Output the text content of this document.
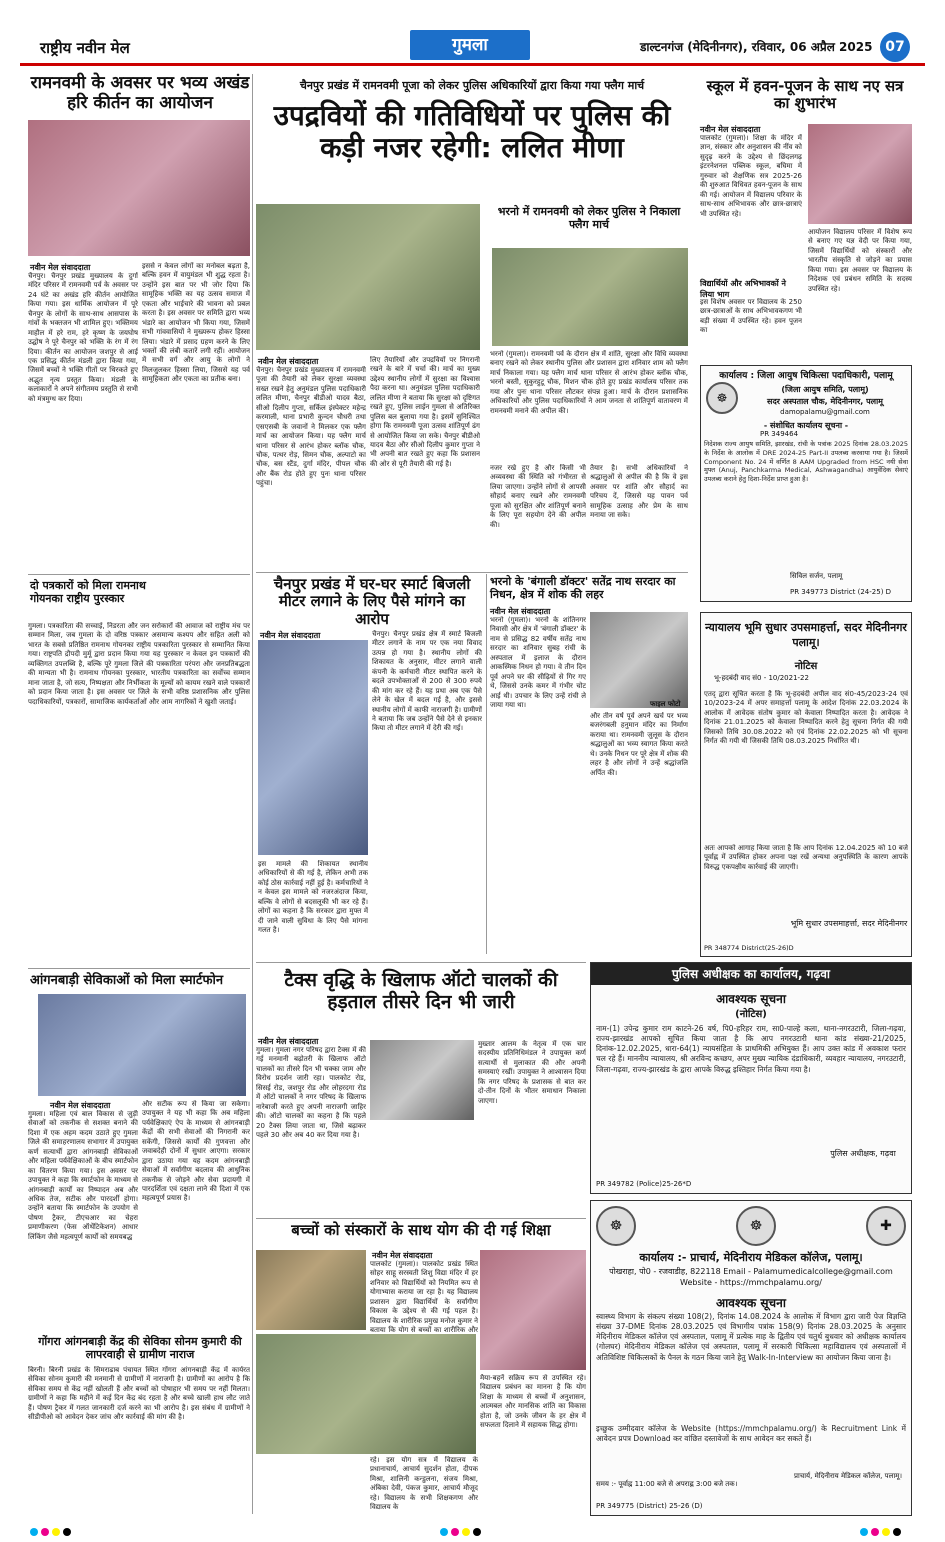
राष्ट्रीय नवीन मेल	गुमला	डाल्टनगंज (मेदिनीनगर), रविवार, 06 अप्रैल 2025 07
रामनवमी के अवसर पर भव्य अखंड हरि कीर्तन का आयोजन
नवीन मेल संवाददाता
चैनपुर। चैनपुर प्रखंड मुख्यालय के दुर्गा मंदिर परिसर में रामनवमी पर्व के अवसर पर 24 घंटे का अखंड हरि कीर्तन आयोजित किया गया। इस धार्मिक आयोजन में पूरे चैनपुर के लोगों के साथ-साथ आसपास के गांवों के भक्तजन भी शामिल हुए। भक्तिमय माहौल में हरे राम, हरे कृष्ण के जयघोष उद्घोष ने पूरे चैनपुर को भक्ति के रंग में रंग दिया। कीर्तन का आयोजन जशपुर से आई एक प्रसिद्ध कीर्तन मंडली द्वारा किया गया, जिसमें बच्चों ने भक्ति गीतों पर थिरकते हुए अद्भुत नृत्य प्रस्तुत किया। मंडली के कलाकारों ने अपने संगीतमय प्रस्तुति से सभी को मंत्रमुग्ध कर दिया।
इससे न केवल लोगों का मनोबल बढ़ता है, बल्कि हवन में वायुमंडल भी शुद्ध रहता है। उन्होंने इस बात पर भी जोर दिया कि सामूहिक भक्ति का यह उत्सव समाज में एकता और भाईचारे की भावना को प्रबल करता है। इस अवसर पर समिति द्वारा भव्य भंडारे का आयोजन भी किया गया, जिसमें सभी गांववासियों ने मुख्यरूप होकर हिस्सा लिया। भंडारे में प्रसाद ग्रहण करने के लिए भक्तों की लंबी कतारें लगी रहीं। आयोजन में सभी वर्ग और आयु के लोगों ने मिलजुलकर हिस्सा लिया, जिससे यह पर्व सामूहिकता और एकता का प्रतीक बना।
दो पत्रकारों को मिला रामनाथ गोयनका राष्ट्रीय पुरस्कार
गुमला। पत्रकारिता की सच्चाई, निडरता और जन सरोकारों की आवाज को राष्ट्रीय मंच पर सम्मान मिला, जब गुमला के दो वरिष्ठ पत्रकार असमान्य कश्यप और सहित अली को भारत के सबसे प्रतिष्ठित रामनाथ गोयनका राष्ट्रीय पत्रकारिता पुरस्कार से सम्मानित किया गया। राष्ट्रपति द्रौपदी मुर्मू द्वारा प्रदान किया गया यह पुरस्कार न केवल इन पत्रकारों की व्यक्तिगत उपलब्धि है, बल्कि पूरे गुमला जिले की पत्रकारिता परंपरा और जनप्रतिबद्धता की मान्यता भी है। रामनाथ गोयनका पुरस्कार, भारतीय पत्रकारिता का सर्वोच्च सम्मान माना जाता है, जो सत्य, निष्पक्षता और निर्भीकता के मूल्यों को कायम रखने वाले पत्रकारों को प्रदान किया जाता है। इस अवसर पर जिले के सभी वरिष्ठ प्रशासनिक और पुलिस पदाधिकारियों, पत्रकारों, सामाजिक कार्यकर्ताओं और आम नागरिकों ने खुशी जताई।
आंगनबाड़ी सेविकाओं को मिला स्मार्टफोन
नवीन मेल संवाददाता
गुमला। महिला एवं बाल विकास से जुड़ी सेवाओं को तकनीक से सशक्त बनाने की दिशा में एक अहम कदम उठाते हुए गुमला जिले की समाहरणालय सभागार में उपायुक्त कर्ण सत्यार्थी द्वारा आंगनबाड़ी सेविकाओं और महिला पर्यवेक्षिकाओं के बीच स्मार्टफोन का वितरण किया गया। इस अवसर पर उपायुक्त ने कहा कि स्मार्टफोन के माध्यम से आंगनबाड़ी कार्यों का निष्पादन अब और अधिक तेज, सटीक और पारदर्शी होगा। उन्होंने बताया कि स्मार्टफोन के उपयोग से पोषण ट्रैकर, टीएचआर का चेहरा प्रमाणीकरण (फेस ऑथेंटिकेशन) आधार लिंकिंग जैसे महत्वपूर्ण कार्यों को समयबद्ध
और सटीक रूप से किया जा सकेगा। उपायुक्त ने यह भी कहा कि अब महिला पर्यवेक्षिकाएं ऐप के माध्यम से आंगनबाड़ी केंद्रों की सभी सेवाओं की निगरानी कर सकेंगी, जिससे कार्यों की गुणवत्ता और जवाबदेही दोनों में सुधार आएगा। सरकार द्वारा उठाया गया यह कदम आंगनबाड़ी सेवाओं में सर्वांगीण बदलाव की आधुनिक तकनीक से जोड़ने और सेवा प्रदायगी में पारदर्शिता एवं दक्षता लाने की दिशा में एक महत्वपूर्ण प्रयास है।
गोंगरा आंगनबाड़ी केंद्र की सेविका सोनम कुमारी की लापरवाही से ग्रामीण नाराज
बिरनी। बिरनी प्रखंड के सिमराढाब पंचायत स्थित गोंगरा आंगनबाड़ी केंद्र में कार्यरत सेविका सोनम कुमारी की मनमानी से ग्रामीणों में नाराजगी है। ग्रामीणों का आरोप है कि सेविका समय से केंद्र नहीं खोलती हैं और बच्चों को पोषाहार भी समय पर नहीं मिलता। ग्रामीणों ने कहा कि महीने में कई दिन केंद्र बंद रहता है और बच्चे खाली हाथ लौट जाते हैं। पोषण ट्रैकर में गलत जानकारी दर्ज करने का भी आरोप है। इस संबंध में ग्रामीणों ने सीडीपीओ को आवेदन देकर जांच और कार्रवाई की मांग की है।
चैनपुर प्रखंड में रामनवमी पूजा को लेकर पुलिस अधिकारियों द्वारा किया गया फ्लैग मार्च
उपद्रवियों की गतिविधियों पर पुलिस की कड़ी नजर रहेगी: ललित मीणा
नवीन मेल संवाददाता
चैनपुर। चैनपुर प्रखंड मुख्यालय में रामनवमी पूजा की तैयारी को लेकर सुरक्षा व्यवस्था सख्त रखने हेतु अनुमंडल पुलिस पदाधिकारी ललित मीणा, चैनपुर बीडीओ यादव बैठा, सीओ दिलीप गुप्ता, सर्किल इंस्पेक्टर महेन्द्र करमाली, थाना प्रभारी कुन्दन चौधरी तथा एसएसबी के जवानों ने मिलकर एक फ्लैग मार्च का आयोजन किया। यह फ्लैग मार्च थाना परिसर से आरंभ होकर ब्लॉक चौक, चौक, पत्थर रोड़, सिमन चौक, अल्पाटो का चौक, बस स्टैंड, दुर्गा मंदिर, पीपल चौक और बैंक रोड होते हुए पुनः थाना परिसर पहुंचा।
लिए तैयारियों और उपद्रवियों पर निगरानी रखने के बारे में चर्चा की। मार्च का मुख्य उद्देश्य स्थानीय लोगों में सुरक्षा का विश्वास पैदा करना था। अनुमंडल पुलिस पदाधिकारी ललित मीणा ने बताया कि सुरक्षा को दृष्टिगत रखते हुए, पुलिस लाईन गुमला से अतिरिक्त पुलिस बल बुलाया गया है। इसमें सुनिश्चित होगा कि रामनवमी पूजा उत्सव शांतिपूर्ण ढंग से आयोजित किया जा सके। चैनपुर बीडीओ यादव बैठा और सीओ दिलीप कुमार गुप्ता ने भी अपनी बात रखते हुए कहा कि प्रशासन की ओर से पूरी तैयारी की गई है।
भरनो में रामनवमी को लेकर पुलिस ने निकाला फ्लैग मार्च
भरनो (गुमला)। रामनवमी पर्व के दौरान क्षेत्र में शांति, सुरक्षा और विधि व्यवस्था बनाए रखने को लेकर स्थानीय पुलिस और प्रशासन द्वारा शनिवार शाम को फ्लैग मार्च निकाला गया। यह फ्लैग मार्च थाना परिसर से आरंभ होकर ब्लॉक चौक, भरनो बस्ती, सुकुरहुटू चौक, मिशन चौक होते हुए प्रखंड कार्यालय परिसर तक गया और पुनः थाना परिसर लौटकर संपन्न हुआ। मार्च के दौरान प्रशासनिक अधिकारियों और पुलिस पदाधिकारियों ने आम जनता से शांतिपूर्ण वातावरण में रामनवमी मनाने की अपील की।
नजर रखे हुए है और किसी भी अव्यवस्था की स्थिति को गंभीरता से लिया जाएगा। उन्होंने लोगों से आपसी सौहार्द बनाए रखने और रामनवमी पूजा को सुरक्षित और शांतिपूर्ण बनाने के लिए पूरा सहयोग देने की अपील की।
तैयार है। सभी अधिकारियों ने श्रद्धालुओं से अपील की है कि वे इस अवसर पर शांति और सौहार्द का परिचय दें, जिससे यह पावन पर्व सामूहिक उत्साह और प्रेम के साथ मनाया जा सके।
स्कूल में हवन-पूजन के साथ नए सत्र का शुभारंभ
नवीन मेल संवाददाता
पालकोट (गुमला)। शिक्षा के मंदिर में ज्ञान, संस्कार और अनुशासन की नींव को सुदृढ़ करने के उद्देश्य से छिंदलगढ़ इंटरनेशनल पब्लिक स्कूल, बघिमा में गुरुवार को शैक्षणिक सत्र 2025-26 की शुरुआत विधिवत हवन-पूजन के साथ की गई। आयोजन में विद्यालय परिवार के साथ-साथ अभिभावक और छात्र-छात्राएं भी उपस्थित रहे।
विद्यार्थियों और अभिभावकों ने लिया भाग
इस विशेष अवसर पर विद्यालय के 250 छात्र-छात्राओं के साथ अभिभावकगण भी बड़ी संख्या में उपस्थित रहे। हवन पूजन का
आयोजन विद्यालय परिसर में विशेष रूप से बनाए गए यज्ञ वेदी पर किया गया, जिसमें विद्यार्थियों को संस्कारों और भारतीय संस्कृति से जोड़ने का प्रयास किया गया। इस अवसर पर विद्यालय के निदेशक एवं प्रबंधन समिति के सदस्य उपस्थित रहे।
कार्यालय : जिला आयुष चिकित्सा पदाधिकारी, पलामू
☸
(जिला आयुष समिति, पलामू)
सदर अस्पताल चौक, मेदिनीनगर, पलामू
damopalamu@gmail.com
- संशोधित कार्यालय सूचना -
PR 349464
निदेशक राज्य आयुष समिति, झारखंड, रांची के पत्रांक 2025 दिनांक 28.03.2025 के निर्देश के आलोक में DRE 2024-25 Part-II उपलब्ध करवाया गया है। जिसमें Component No. 24 में वर्णित 8 AAM Upgraded from HSC नयी सेवा मुफ्त (Anuj, Panchkarma Medical, Ashwagandha) आयुर्वेदिक सेवाएं उपलब्ध कराने हेतु दिशा-निर्देश प्राप्त हुआ है।
सिविल सर्जन, पलामू
PR 349773 District (24-25) D
चैनपुर प्रखंड में घर-घर स्मार्ट बिजली मीटर लगाने के लिए पैसे मांगने का आरोप
नवीन मेल संवाददाता	चैनपुर। चैनपुर प्रखंड क्षेत्र में स्मार्ट बिजली मीटर लगाने के नाम पर एक नया विवाद उत्पन्न हो गया है। स्थानीय लोगों की शिकायत के अनुसार, मीटर लगाने वाली कंपनी के कर्मचारी मीटर स्थापित करने के बदले उपभोक्ताओं से 200 से 300 रुपये की मांग कर रहे हैं। यह प्रथा अब एक पैसे लेने के खेल में बदल गई है, और इससे स्थानीय लोगों में काफी नाराजगी है। ग्रामीणों ने बताया कि जब उन्होंने पैसे देने से इनकार किया तो मीटर लगाने में देरी की गई।
इस मामले की शिकायत स्थानीय अधिकारियों से की गई है, लेकिन अभी तक कोई ठोस कार्रवाई नहीं हुई है। कर्मचारियों ने न केवल इस मामले को नजरअंदाज किया, बल्कि वे लोगों से बदसलूकी भी कर रहे हैं। लोगों का कहना है कि सरकार द्वारा मुफ्त में दी जाने वाली सुविधा के लिए पैसे मांगना गलत है।
भरनो के 'बंगाली डॉक्टर' सतेंद्र नाथ सरदार का निधन, क्षेत्र में शोक की लहर
नवीन मेल संवाददाता
भरनो (गुमला)। भरनो के शांतिनगर निवासी और क्षेत्र में 'बंगाली डॉक्टर' के नाम से प्रसिद्ध 82 वर्षीय सतेंद्र नाथ सरदार का शनिवार सुबह रांची के अस्पताल में इलाज के दौरान आकस्मिक निधन हो गया। वे तीन दिन पूर्व अपने घर की सीढ़ियों से गिर गए थे, जिससे उनके कमर में गंभीर चोट आई थी। उपचार के लिए उन्हें रांची ले जाया गया था।	फाइल फोटो
और तीन वर्ष पूर्व अपने खर्च पर भव्य बजरंगबली हनुमान मंदिर का निर्माण कराया था। रामनवमी जुलूस के दौरान श्रद्धालुओं का भव्य स्वागत किया करते थे। उनके निधन पर पूरे क्षेत्र में शोक की लहर है और लोगों ने उन्हें श्रद्धांजलि अर्पित की।
न्यायालय भूमि सुधार उपसमाहर्त्ता, सदर मेदिनीनगर पलामू।
नोटिस
भू-हदबंदी वाद सं0 - 10/2021-22
एतद् द्वारा सूचित करता है कि भू-हदबंदी अपील वाद सं0-45/2023-24 एवं 10/2023-24 में अपर समाहर्त्ता पलामू के आदेश दिनांक 22.03.2024 के आलोक में आवेदक संतोष कुमार को केवाला निष्पादित करता है। आवेदक ने दिनांक 21.01.2025 को केवाला निष्पादित करने हेतु सूचना निर्गत की गयी जिसको तिथि 30.08.2022 को एवं दिनांक 22.02.2025 को भी सूचना निर्गत की गयी थी जिसकी तिथि 08.03.2025 निर्धारित थी।
अतः आपको आगाह किया जाता है कि आप दिनांक 12.04.2025 को 10 बजे पूर्वाह्न में उपस्थित होकर अपना पक्ष रखें अन्यथा अनुपस्थिति के कारण आपके विरुद्ध एकपक्षीय कार्रवाई की जाएगी।
भूमि सुधार उपसमाहर्त्ता, सदर मेदिनीनगर
PR 348774 District(25-26)D
टैक्स वृद्धि के खिलाफ ऑटो चालकों की हड़ताल तीसरे दिन भी जारी
नवीन मेल संवाददाता
गुमला। गुमला नगर परिषद द्वारा टैक्स में की गई मनमानी बढ़ोतरी के खिलाफ ऑटो चालकों का तीसरे दिन भी चक्का जाम और विरोध प्रदर्शन जारी रहा। पालकोट रोड, सिसई रोड, जशपुर रोड और लोहरदगा रोड में ऑटो चालकों ने नगर परिषद के खिलाफ नारेबाजी करते हुए अपनी नाराजगी जाहिर की। ऑटो चालकों का कहना है कि पहले 20 टैक्स लिया जाता था, जिसे बढ़ाकर पहले 30 और अब 40 कर दिया गया है।
मुख्तार आलम के नेतृत्व में एक चार सदस्यीय प्रतिनिधिमंडल ने उपायुक्त कर्ण सत्यार्थी से मुलाकात की और अपनी समस्याएं रखीं। उपायुक्त ने आश्वासन दिया कि नगर परिषद के प्रशासक से बात कर दो-तीन दिनों के भीतर समाधान निकाला जाएगा।
बच्चों को संस्कारों के साथ योग की दी गई शिक्षा
नवीन मेल संवाददाता
पालकोट (गुमला)। पालकोट प्रखंड स्थित सोहर साहू सरस्वती शिशु विद्या मंदिर में हर शनिवार को विद्यार्थियों को नियमित रूप से योगाभ्यास कराया जा रहा है। यह विद्यालय प्रशासन द्वारा विद्यार्थियों के सर्वांगीण विकास के उद्देश्य से की गई पहल है। विद्यालय के शारीरिक प्रमुख मनोज कुमार ने बताया कि योग से बच्चों का शारीरिक और
रहे। इस योग सत्र में विद्यालय के प्रधानाचार्य, आचार्य सुदर्शन होता, दीपक मिश्रा, शालिनी कन्डुलना, संजय मिश्रा, अंबिका देवी, पंकज कुमार, आचार्य मौजूद रहे। विद्यालय के सभी शिक्षकगण और विद्यालय के
मैया-बहनें सक्रिय रूप से उपस्थित रहे। विद्यालय प्रबंधन का मानना है कि योग शिक्षा के माध्यम से बच्चों में अनुशासन, आत्मबल और मानसिक शांति का विकास होता है, जो उनके जीवन के हर क्षेत्र में सफलता दिलाने में सहायक सिद्ध होगा।
पुलिस अधीक्षक का कार्यालय, गढ़वा
आवश्यक सूचना
(नोटिस)
नाम-(1) उपेन्द्र कुमार राम काटने-26 वर्ष, पि0-हरिहर राम, सा0-पाल्हे कला, थाना-नगरउटारी, जिला-गढ़वा, राज्य-झारखंड आपको सूचित किया जाता है कि आप नगरउटारी थाना कांड संख्या-21/2025, दिनांक-12.02.2025, धारा-64(1) न्यायसंहिता के प्राथमिकी अभियुक्त हैं। आप उक्त कांड में अवकाश फरार चल रहे हैं। माननीय न्यायालय, श्री अरविन्द कच्छप, अपर मुख्य न्यायिक दंडाधिकारी, व्यवहार न्यायालय, नगरउटारी, जिला-गढ़वा, राज्य-झारखंड के द्वारा आपके विरुद्ध इश्तिहार निर्गत किया गया है।
पुलिस अधीक्षक, गढ़वा
PR 349782 (Police)25-26*D
☸	☸	✚
कार्यालय :- प्राचार्य, मेदिनीराय मेडिकल कॉलेज, पलामू।
पोखराहा, पो0 - रजवाडीह, 822118 Email - Palamumedicalcollege@gmail.com
Website - https://mmchpalamu.org/
आवश्यक सूचना
स्वास्थ्य विभाग के संकल्प संख्या 108(2), दिनांक 14.08.2024 के आलोक में विभाग द्वारा जारी पेज विज्ञप्ति संख्या 37-DME दिनांक 28.03.2025 एवं विभागीय पत्रांक 158(9) दिनांक 28.03.2025 के अनुसार मेदिनीराय मेडिकल कॉलेज एवं अस्पताल, पलामू में प्रत्येक माह के द्वितीय एवं चतुर्थ बुधवार को अधीक्षक कार्यालय (गोलघर) मेदिनीराय मेडिकल कॉलेज एवं अस्पताल, पलामू में सरकारी चिकित्सा महाविद्यालय एवं अस्पतालों में अतिविशिष्ट चिकित्सकों के पैनल के गठन किया जाने हेतु Walk-In-Interview का आयोजन किया जाना है।
इच्छुक उम्मीदवार कॉलेज के Website (https://mmchpalamu.org/) के Recruitment Link में आवेदन प्रपत्र Download कर वांछित दस्तावेजों के साथ आवेदन कर सकते हैं।
समय :- पूर्वाह्न 11:00 बजे से अपराह्न 3:00 बजे तक।
प्राचार्य, मेदिनीराय मेडिकल कॉलेज, पलामू।
PR 349775 (District) 25-26 (D)
